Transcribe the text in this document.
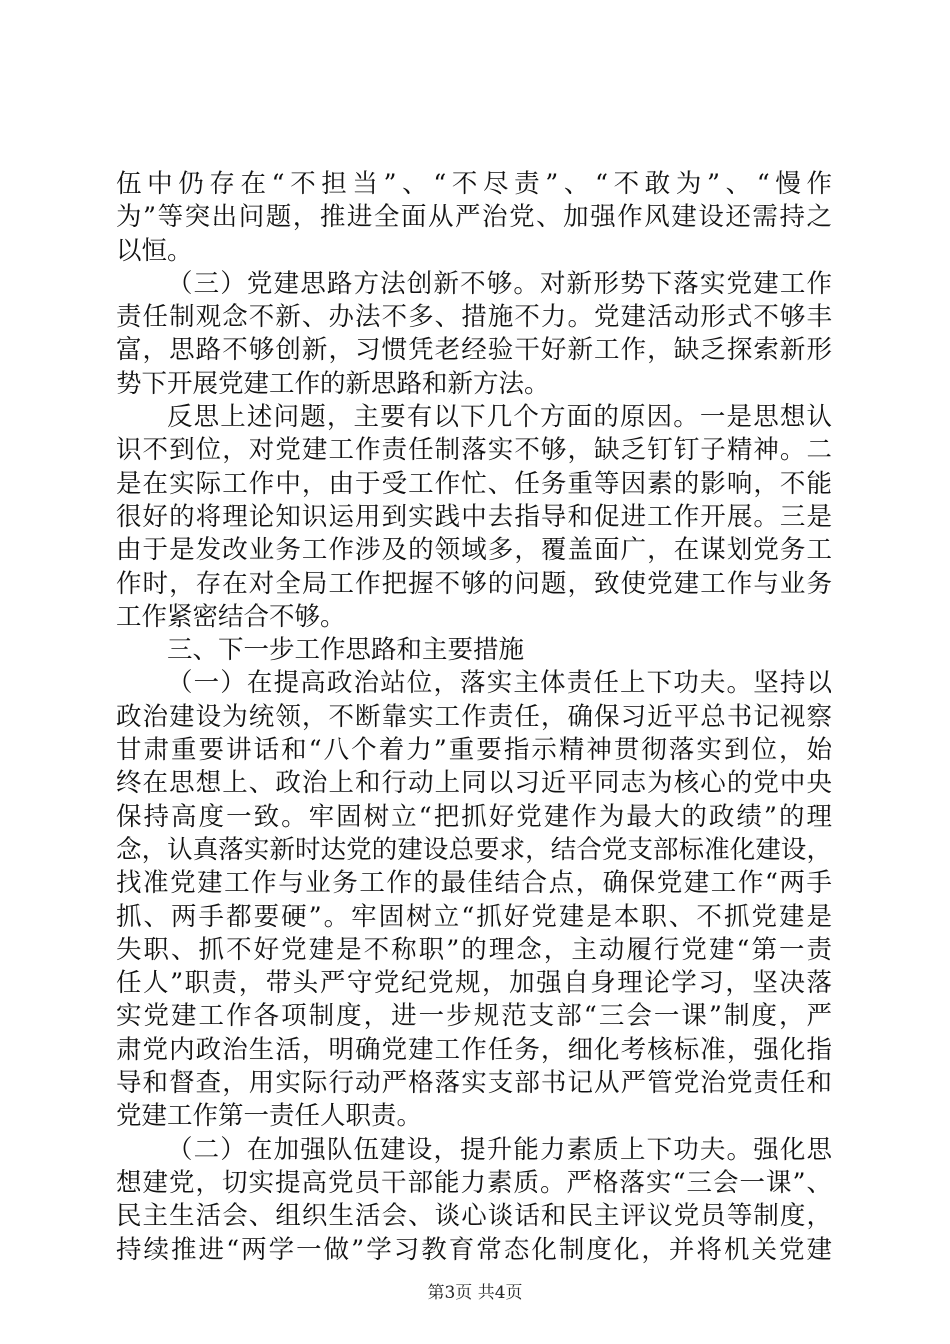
伍中仍存在“不担当”、“不尽责”、“不敢为”、“慢作
为”等突出问题，推进全面从严治党、加强作风建设还需持之
以恒。
（三）党建思路方法创新不够。对新形势下落实党建工作
责任制观念不新、办法不多、措施不力。党建活动形式不够丰
富，思路不够创新，习惯凭老经验干好新工作，缺乏探索新形
势下开展党建工作的新思路和新方法。
反思上述问题，主要有以下几个方面的原因。一是思想认
识不到位，对党建工作责任制落实不够，缺乏钉钉子精神。二
是在实际工作中，由于受工作忙、任务重等因素的影响，不能
很好的将理论知识运用到实践中去指导和促进工作开展。三是
由于是发改业务工作涉及的领域多，覆盖面广，在谋划党务工
作时，存在对全局工作把握不够的问题，致使党建工作与业务
工作紧密结合不够。
三、下一步工作思路和主要措施
（一）在提高政治站位，落实主体责任上下功夫。坚持以
政治建设为统领，不断靠实工作责任，确保习近平总书记视察
甘肃重要讲话和“八个着力”重要指示精神贯彻落实到位，始
终在思想上、政治上和行动上同以习近平同志为核心的党中央
保持高度一致。牢固树立“把抓好党建作为最大的政绩”的理
念，认真落实新时达党的建设总要求，结合党支部标准化建设，
找准党建工作与业务工作的最佳结合点，确保党建工作“两手
抓、两手都要硬”。牢固树立“抓好党建是本职、不抓党建是
失职、抓不好党建是不称职”的理念，主动履行党建“第一责
任人”职责，带头严守党纪党规，加强自身理论学习，坚决落
实党建工作各项制度，进一步规范支部“三会一课”制度，严
肃党内政治生活，明确党建工作任务，细化考核标准，强化指
导和督查，用实际行动严格落实支部书记从严管党治党责任和
党建工作第一责任人职责。
（二）在加强队伍建设，提升能力素质上下功夫。强化思
想建党，切实提高党员干部能力素质。严格落实“三会一课”、
民主生活会、组织生活会、谈心谈话和民主评议党员等制度，
持续推进“两学一做”学习教育常态化制度化，并将机关党建
第3页 共4页
